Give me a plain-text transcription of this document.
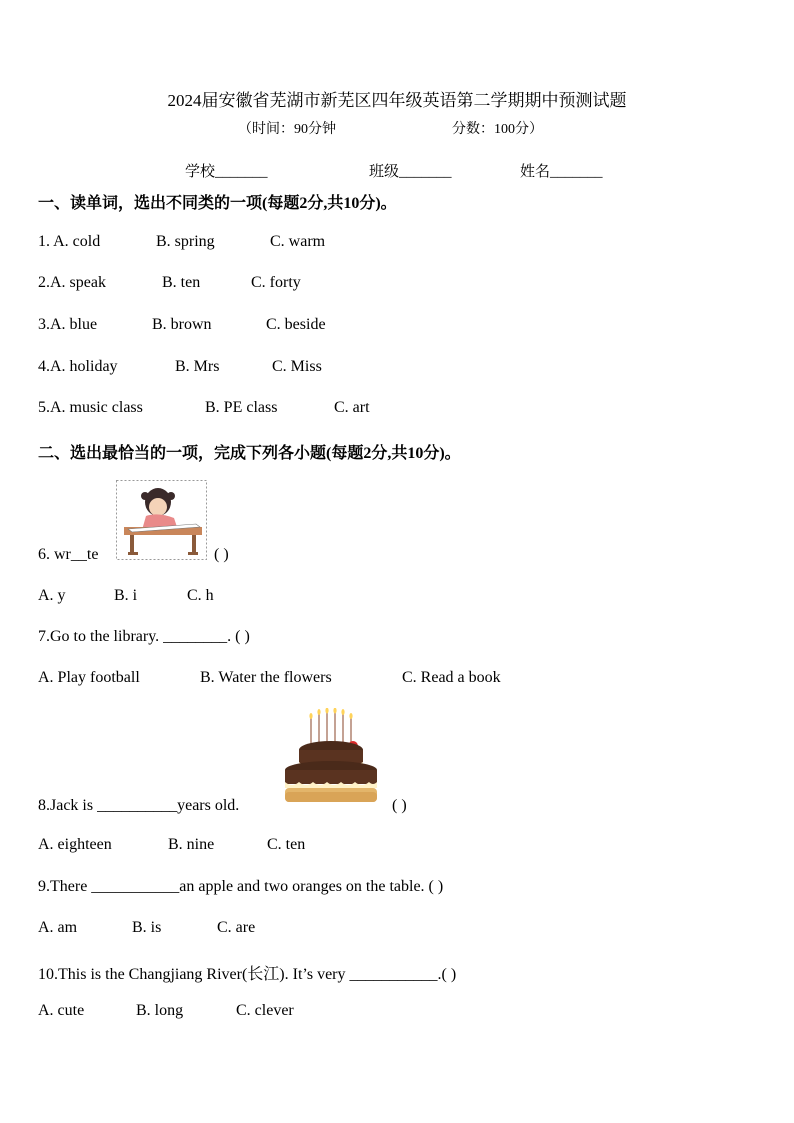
2024届安徽省芜湖市新芜区四年级英语第二学期期中预测试题
（时间：90分钟	分数：100分）
学校_______	班级_______	姓名_______
一、读单词，选出不同类的一项(每题2分,共10分)。
1. A. cold	B. spring	C. warm
2.A. speak	B. ten	C. forty
3.A. blue	B. brown	C. beside
4.A. holiday	B. Mrs	C. Miss
5.A. music class	B. PE class	C. art
二、选出最恰当的一项，完成下列各小题(每题2分,共10分)。
6. wr__te	( )
A. y	B. i	C. h
7.Go to the library. ________. ( )
A. Play football	B. Water the flowers	C. Read a book
8.Jack is __________years old.	( )
A. eighteen	B. nine	C. ten
9.There ___________an apple and two oranges on the table. ( )
A. am	B. is	C. are
10.This is the Changjiang River(长江). It’s very ___________.( )
A. cute	B. long	C. clever
